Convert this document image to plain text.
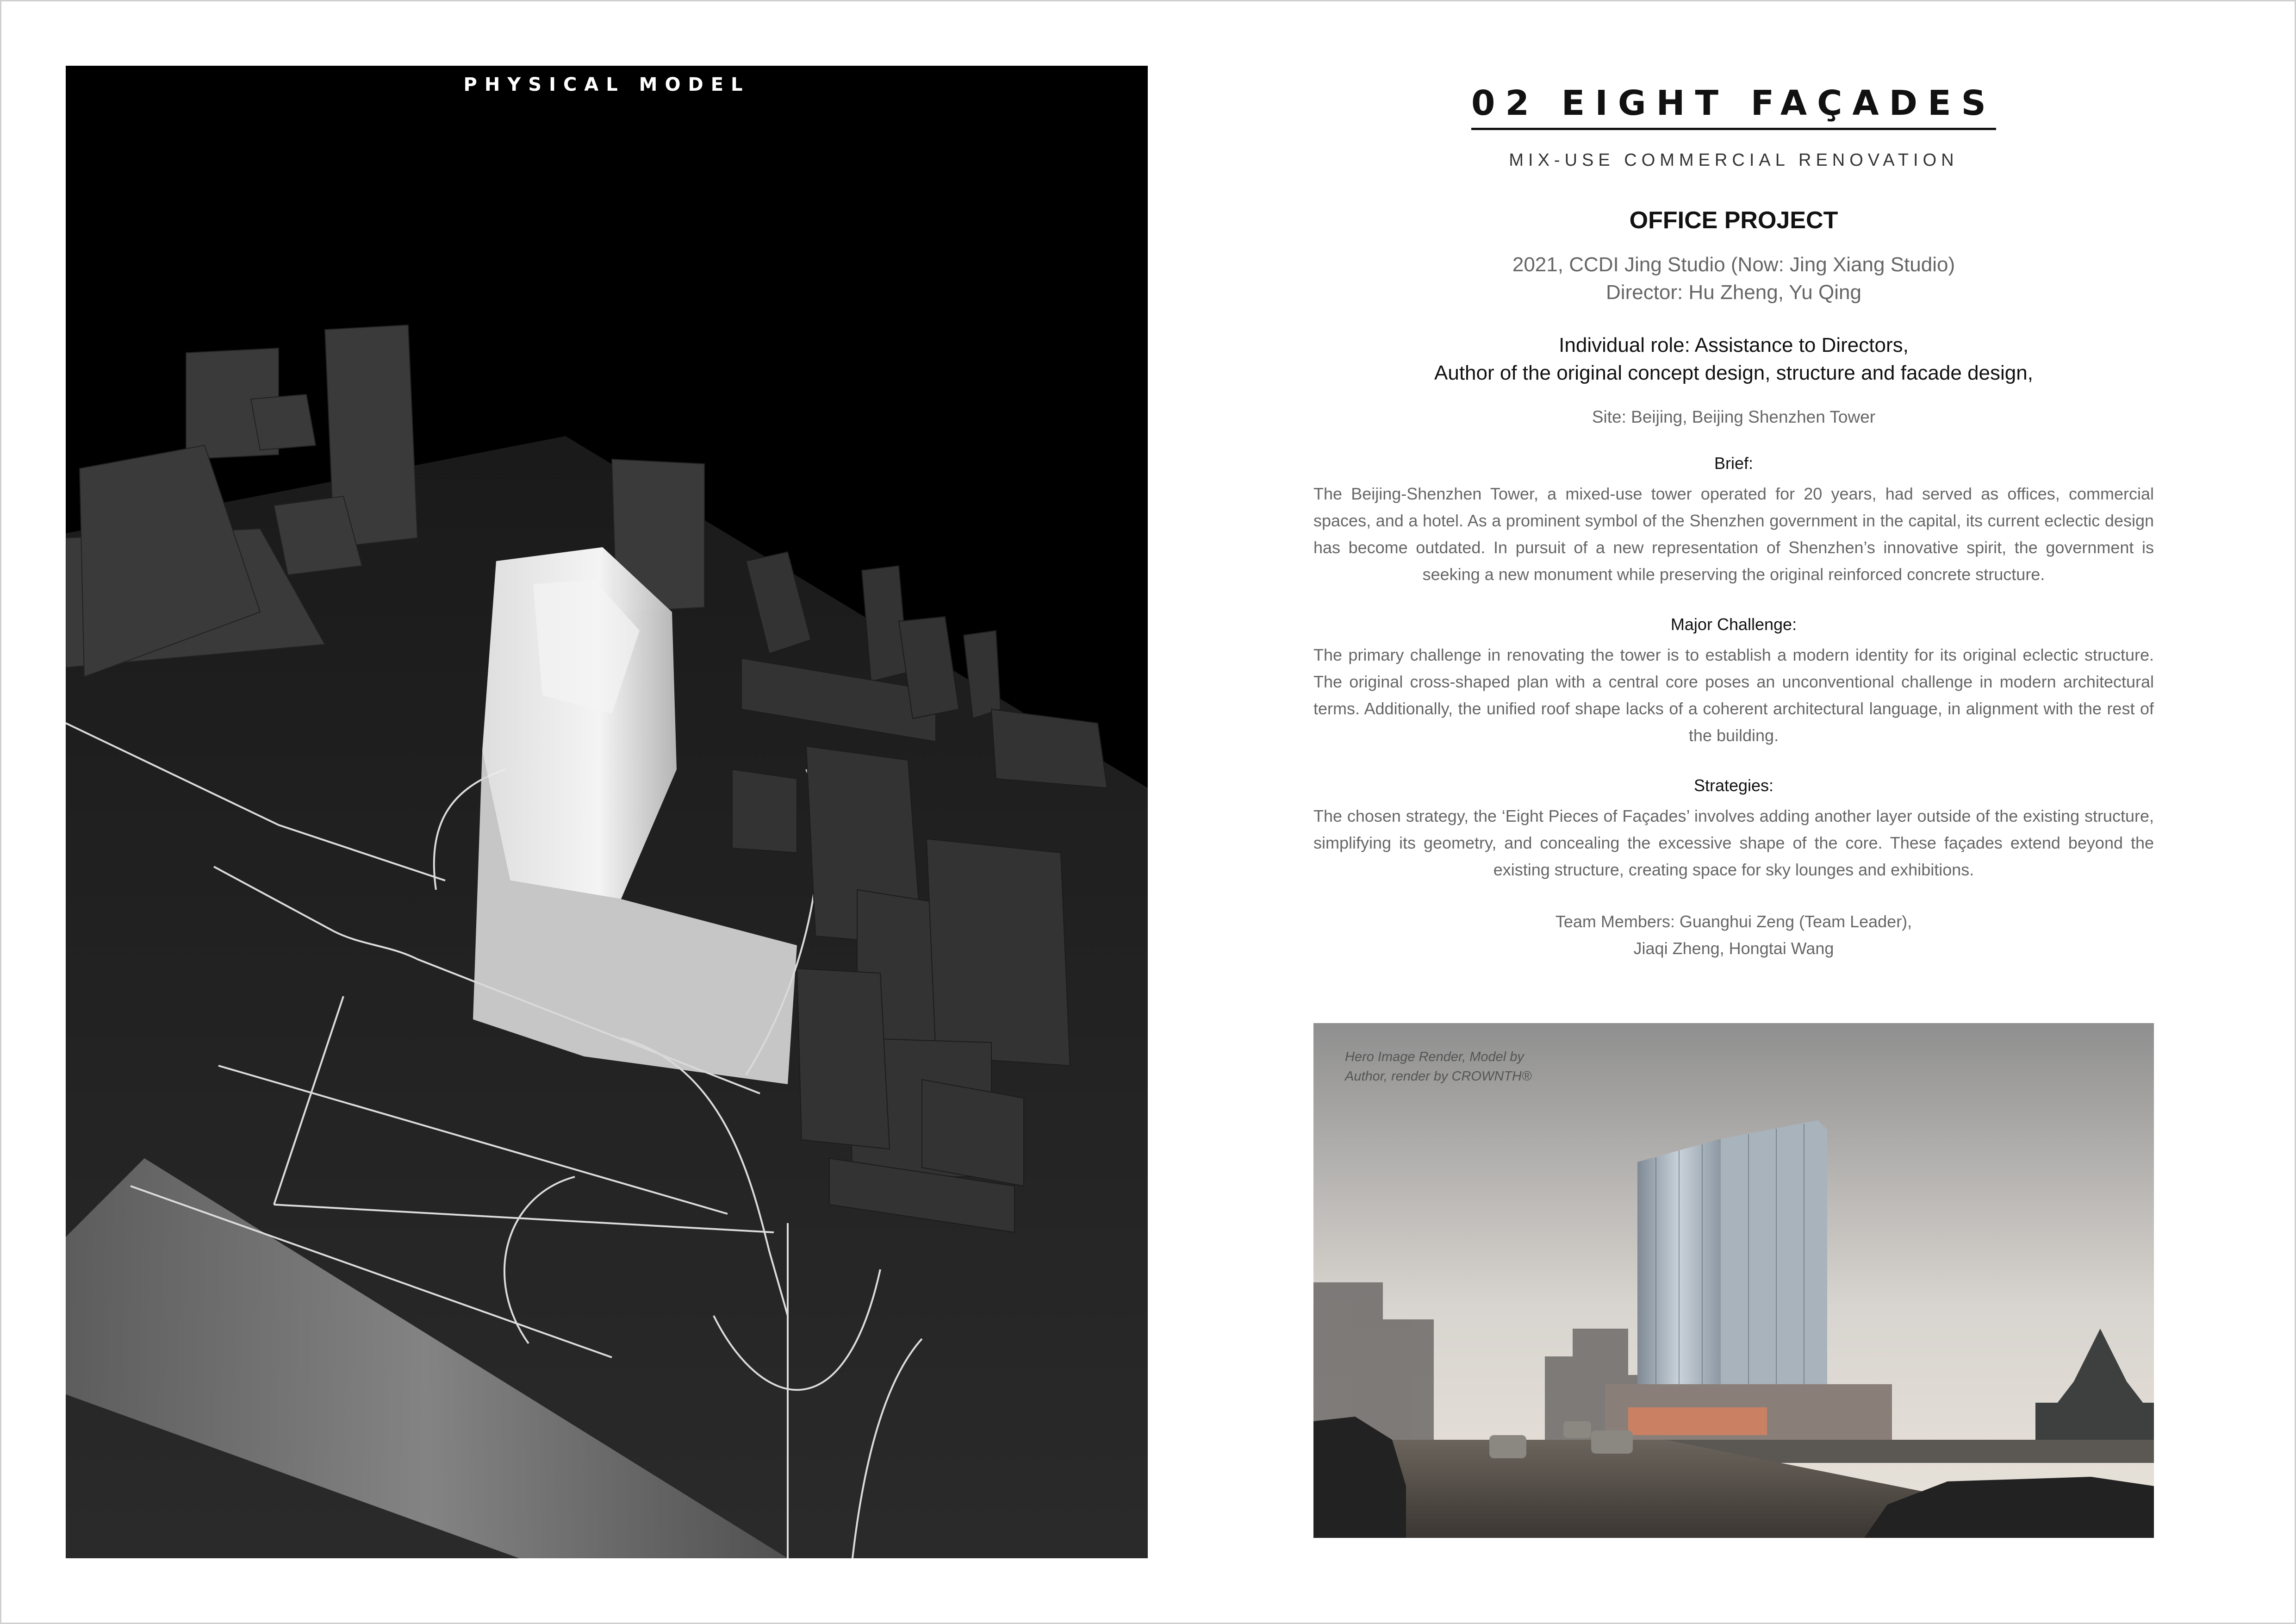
PHYSICAL MODEL	02 EIGHT FAÇADES
MIX-USE COMMERCIAL RENOVATION
OFFICE PROJECT
2021, CCDI Jing Studio (Now: Jing Xiang Studio)
Director: Hu Zheng, Yu Qing
Individual role: Assistance to Directors,
Author of the original concept design, structure and facade design,
Site: Beijing, Beijing Shenzhen Tower
Brief:
The Beijing-Shenzhen Tower, a mixed-use tower operated for 20 years, had served as offices, commercial spaces, and a hotel. As a prominent symbol of the Shenzhen government in the capital, its current eclectic design has become outdated. In pursuit of a new representation of Shenzhen’s innovative spirit, the government is seeking a new monument while preserving the original reinforced concrete structure.
Major Challenge:
The primary challenge in renovating the tower is to establish a modern identity for its original eclectic structure. The original cross-shaped plan with a central core poses an unconventional challenge in modern architectural terms. Additionally, the unified roof shape lacks of a coherent architectural language, in alignment with the rest of the building.
Strategies:
The chosen strategy, the ‘Eight Pieces of Façades’ involves adding another layer outside of the existing structure, simplifying its geometry, and concealing the excessive shape of the core. These façades extend beyond the existing structure, creating space for sky lounges and exhibitions.
Team Members: Guanghui Zeng (Team Leader),
Jiaqi Zheng, Hongtai Wang
Hero Image Render, Model by
Author, render by CROWNTH®
